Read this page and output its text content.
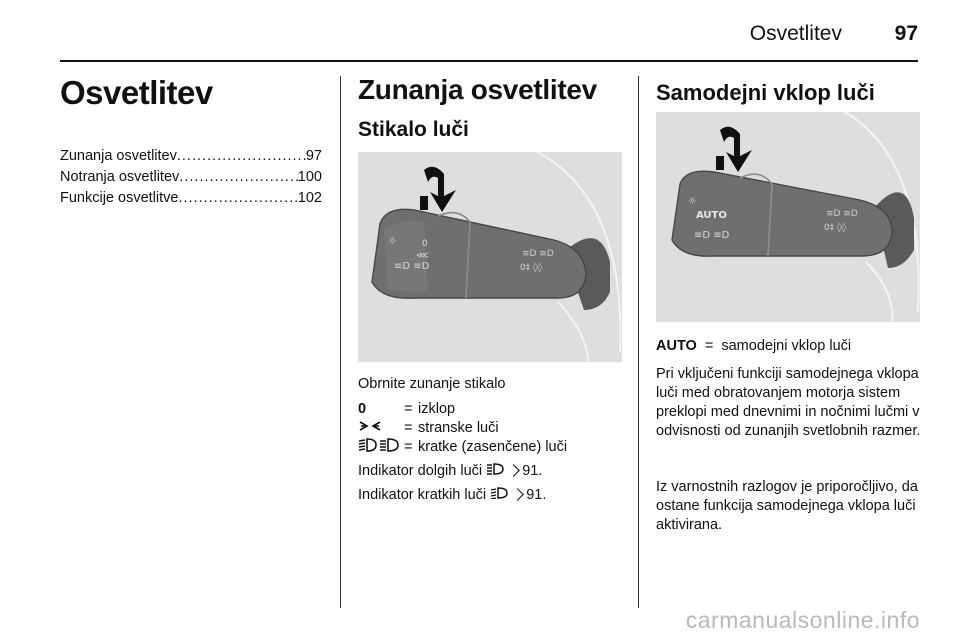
Osvetlitev	97
Osvetlitev
Zunanja osvetlitev .....	97
Notranja osvetlitev .....	100
Funkcije osvetlitve .....	102
Zunanja osvetlitev
Stikalo luči
☼	0
⋘
≡D ≡D
≡D ≡D
0‡ ◊◊
Obrnite zunanje stikalo
0	= izklop
= stranske luči
= kratke (zasenčene) luči
Indikator dolgih luči	91.
Indikator kratkih luči	91.
Samodejni vklop luči
☼
AUTO
≡D ≡D
≡D ≡D
0‡ ◊◊
AUTO = samodejni vklop luči
Pri vključeni funkciji samodejnega vklopa luči med obratovanjem motorja sistem preklopi med dnevnimi in nočnimi lučmi v odvisnosti od zunanjih svetlobnih razmer.
Iz varnostnih razlogov je priporočljivo, da ostane funkcija samodejnega vklopa luči aktivirana.
carmanualsonline.info
